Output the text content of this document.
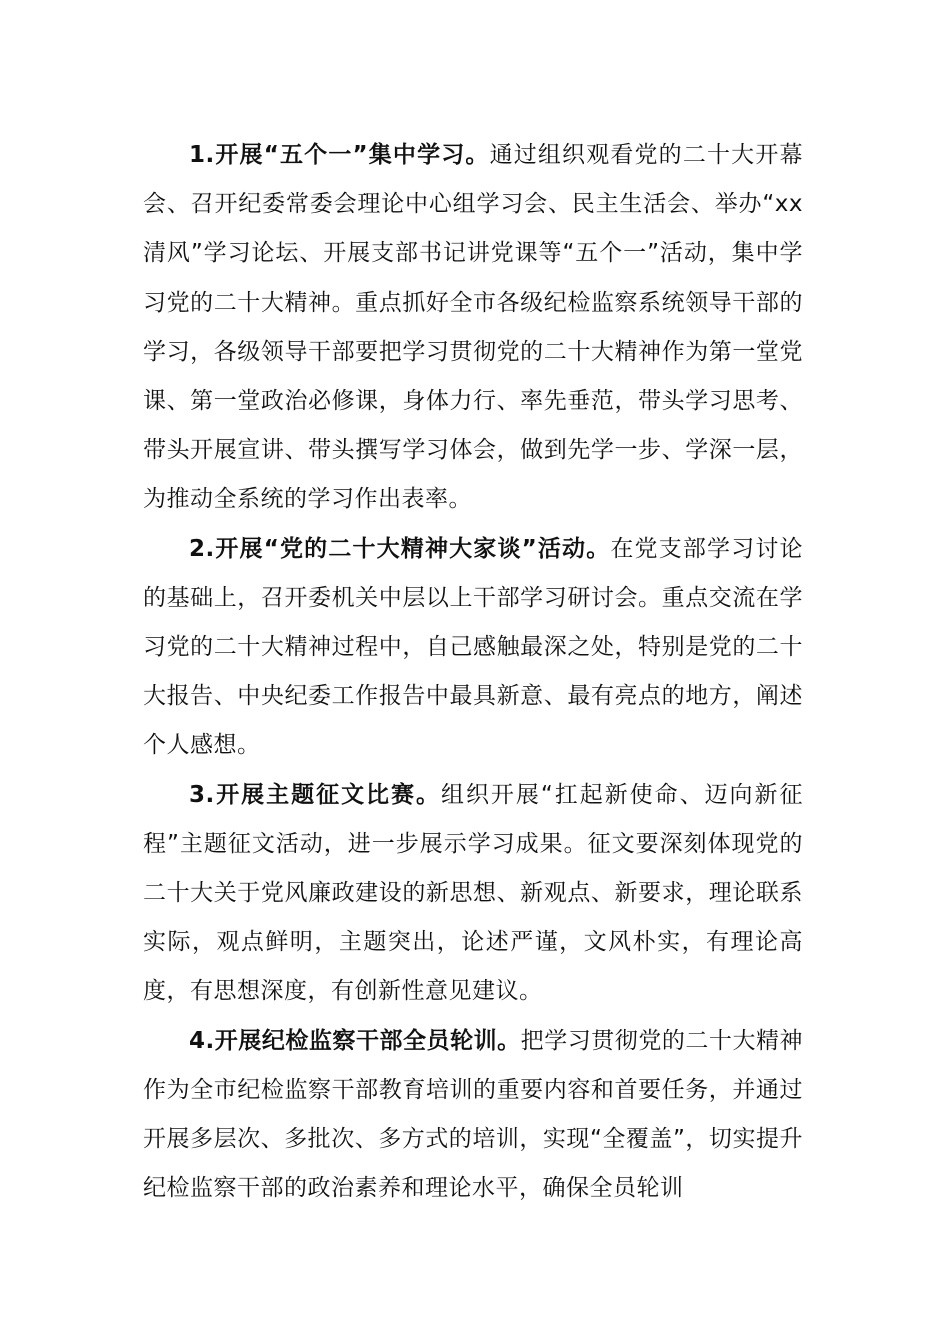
1.开展“五个一”集中学习。通过组织观看党的二十大开幕会、召开纪委常委会理论中心组学习会、民主生活会、举办“xx清风”学习论坛、开展支部书记讲党课等“五个一”活动，集中学习党的二十大精神。重点抓好全市各级纪检监察系统领导干部的学习，各级领导干部要把学习贯彻党的二十大精神作为第一堂党课、第一堂政治必修课，身体力行、率先垂范，带头学习思考、带头开展宣讲、带头撰写学习体会，做到先学一步、学深一层，为推动全系统的学习作出表率。

2.开展“党的二十大精神大家谈”活动。在党支部学习讨论的基础上，召开委机关中层以上干部学习研讨会。重点交流在学习党的二十大精神过程中，自己感触最深之处，特别是党的二十大报告、中央纪委工作报告中最具新意、最有亮点的地方，阐述个人感想。

3.开展主题征文比赛。组织开展“扛起新使命、迈向新征程”主题征文活动，进一步展示学习成果。征文要深刻体现党的二十大关于党风廉政建设的新思想、新观点、新要求，理论联系实际，观点鲜明，主题突出，论述严谨，文风朴实，有理论高度，有思想深度，有创新性意见建议。

4.开展纪检监察干部全员轮训。把学习贯彻党的二十大精神作为全市纪检监察干部教育培训的重要内容和首要任务，并通过开展多层次、多批次、多方式的培训，实现“全覆盖”，切实提升纪检监察干部的政治素养和理论水平，确保全员轮训
